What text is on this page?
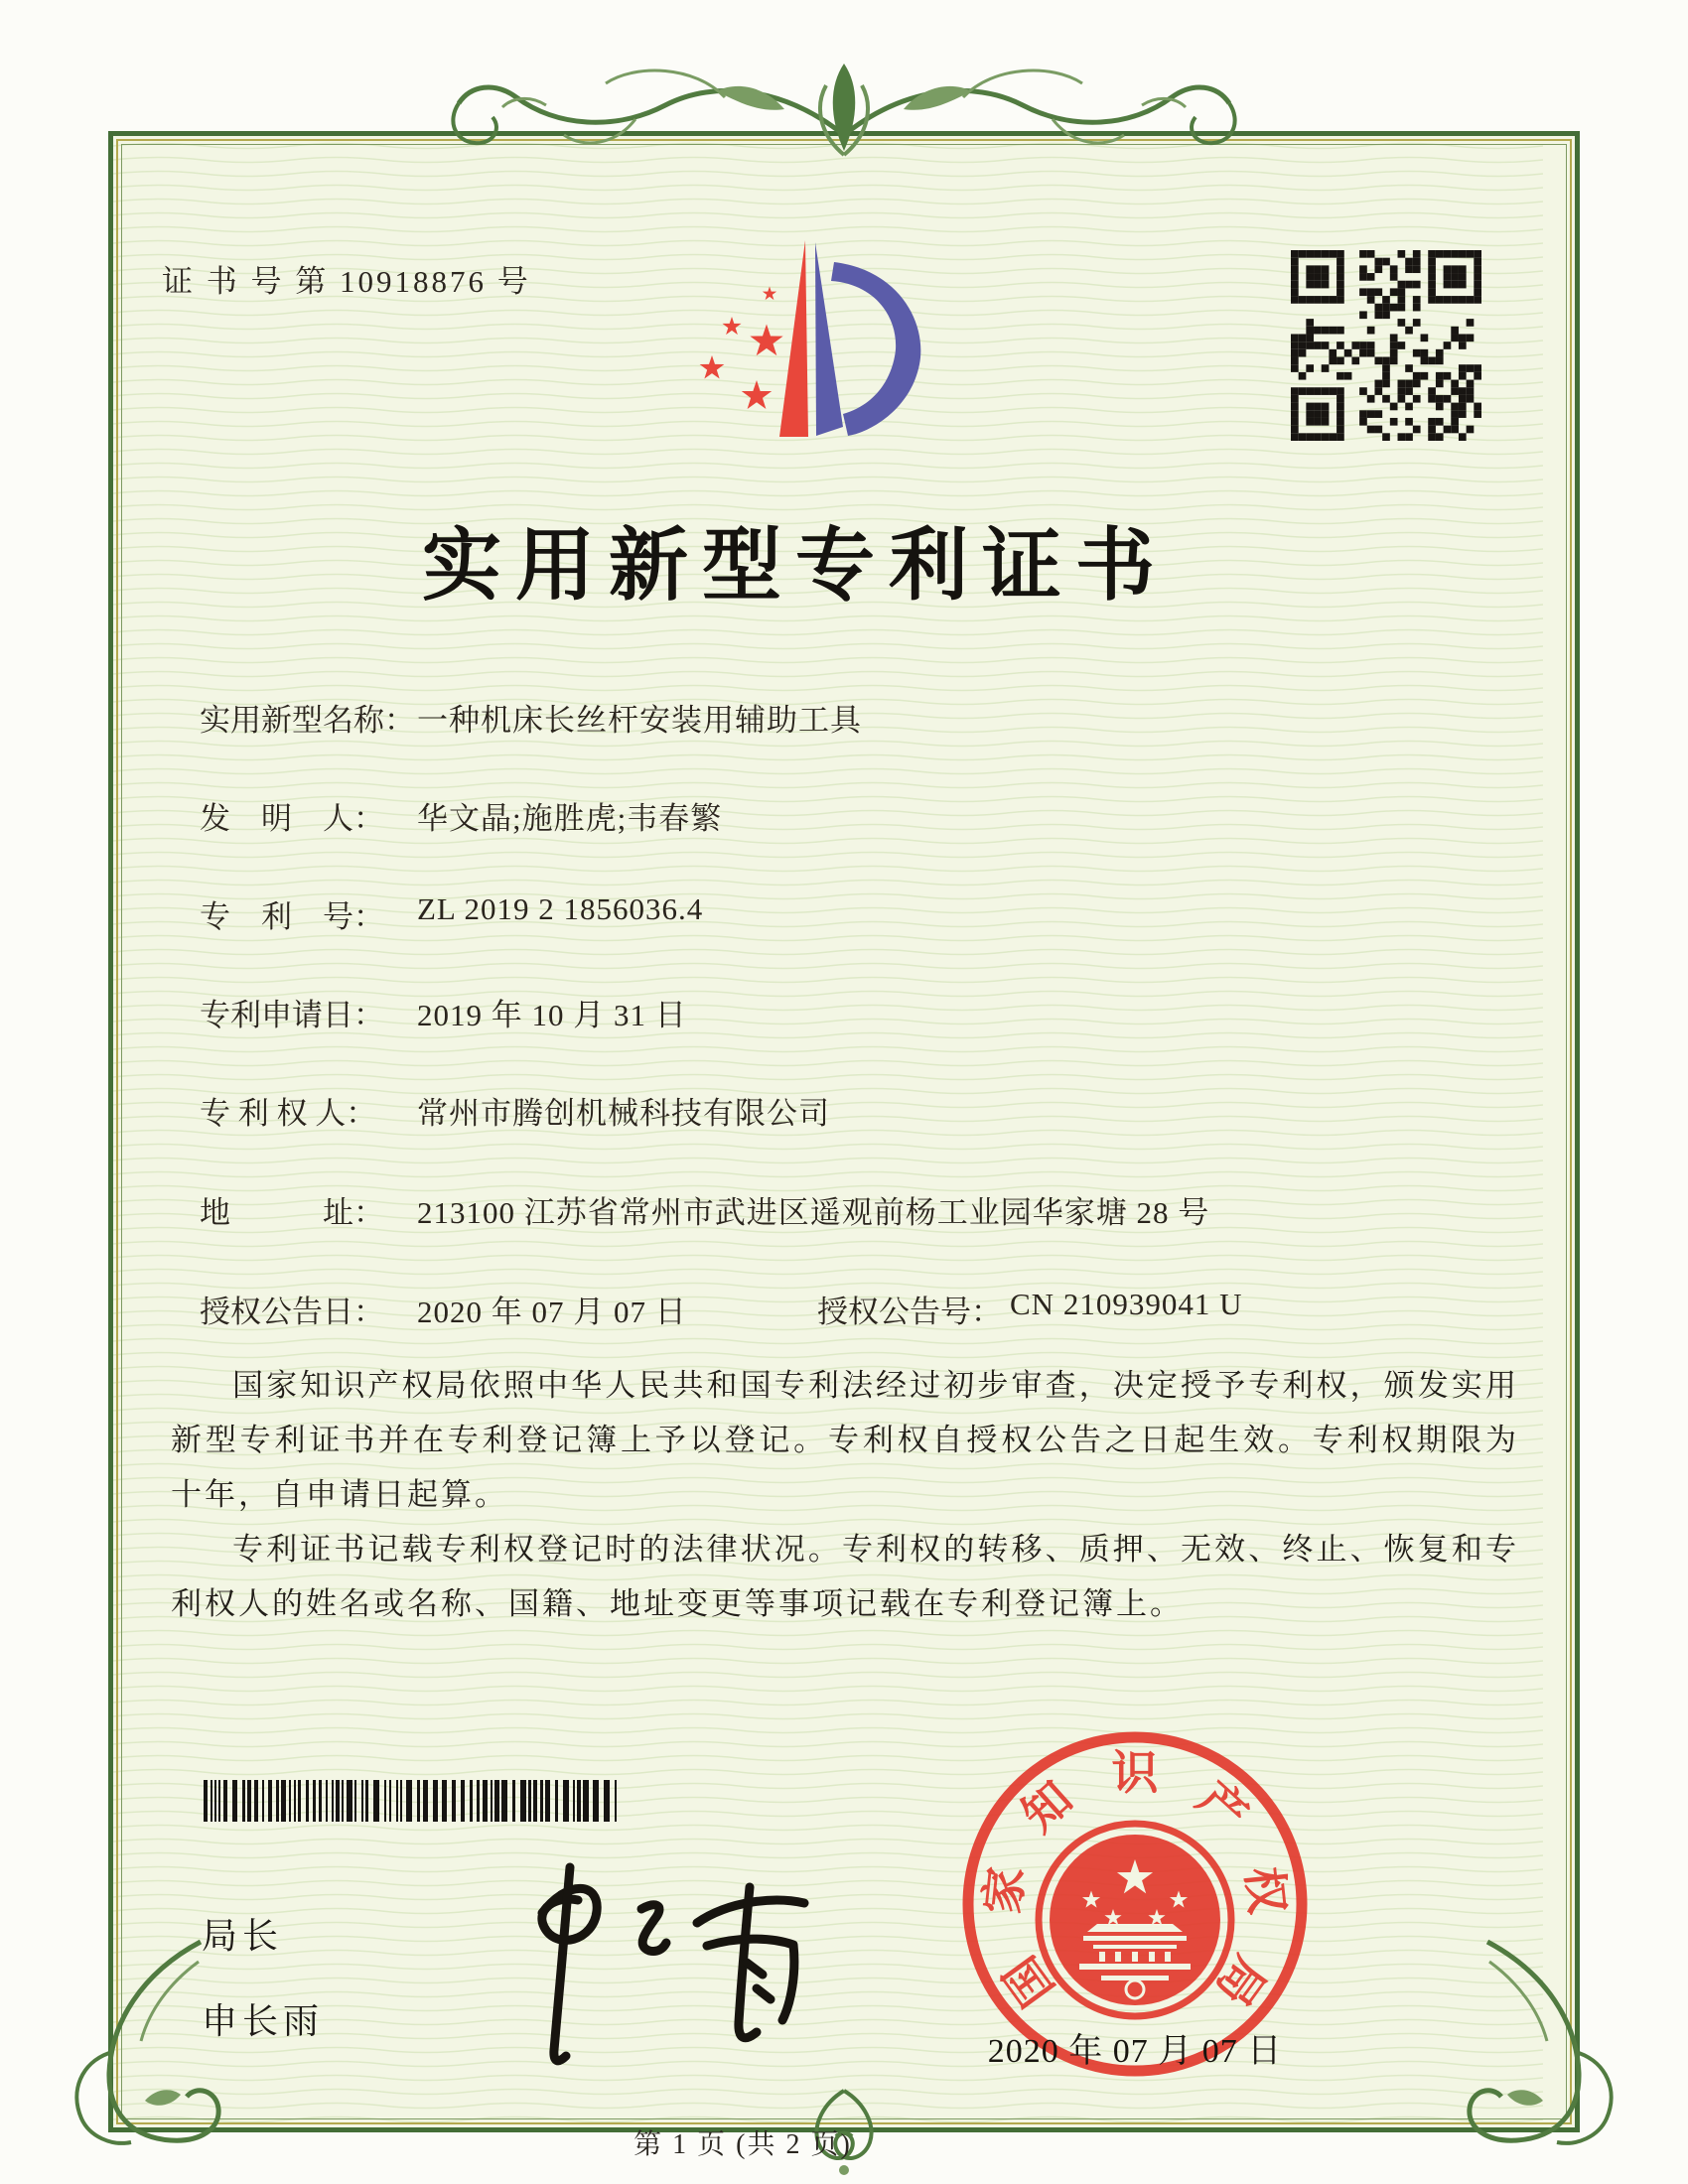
证 书 号 第 10918876 号
实用新型专利证书
实用新型名称：一种机床长丝杆安装用辅助工具
发　明　人： 华文晶;施胜虎;韦春繁
专　利　号： ZL 2019 2 1856036.4
专利申请日： 2019 年 10 月 31 日
专 利 权 人： 常州市腾创机械科技有限公司
地　　　址： 213100 江苏省常州市武进区遥观前杨工业园华家塘 28 号
授权公告日： 2020 年 07 月 07 日	授权公告号： CN 210939041 U

国家知识产权局依照中华人民共和国专利法经过初步审查，决定授予专利权，颁发实用新型专利证书并在专利登记簿上予以登记。专利权自授权公告之日起生效。专利权期限为十年，自申请日起算。

专利证书记载专利权登记时的法律状况。专利权的转移、质押、无效、终止、恢复和专利权人的姓名或名称、国籍、地址变更等事项记载在专利登记簿上。

局长
申长雨
国
家
知 识 产
权
局
2020 年 07 月 07 日
第 1 页 (共 2 页)
